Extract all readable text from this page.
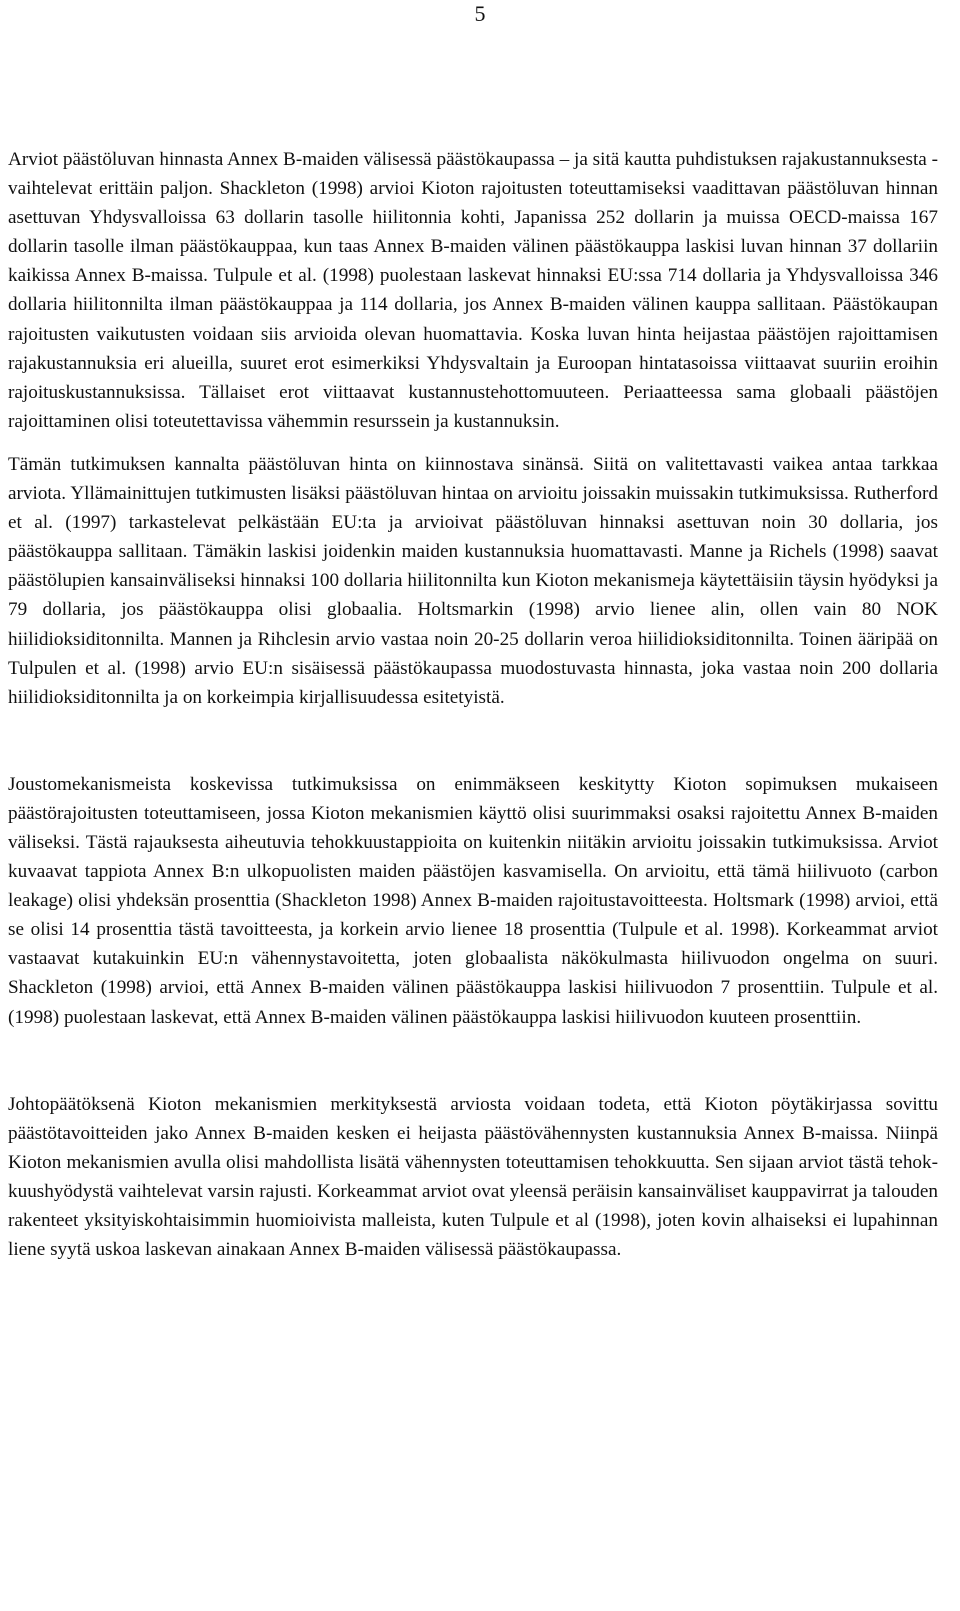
5

Arviot päästöluvan hinnasta Annex B-maiden välisessä päästökaupassa – ja sitä kautta puhdistuksen rajakustannuksesta - vaihtelevat erittäin paljon. Shackleton (1998) arvioi Kioton rajoitusten toteuttamiseksi vaadittavan päästöluvan hinnan asettuvan Yhdysvalloissa 63 dollarin tasolle hiilitonnia kohti, Japanissa 252 dollarin ja muissa OECD-maissa 167 dollarin tasolle ilman päästökauppaa, kun taas Annex B-maiden välinen päästökauppa laskisi luvan hinnan 37 dollariin kaikissa Annex B-maissa. Tulpule et al. (1998) puolestaan laskevat hinnaksi EU:ssa 714 dollaria ja Yhdysvalloissa 346 dollaria hiilitonnilta ilman päästökauppaa ja 114 dollaria, jos Annex B-maiden välinen kauppa sallitaan. Päästökaupan rajoitusten vaikutusten voidaan siis arvioida olevan huomattavia. Koska luvan hinta heijastaa päästöjen rajoittamisen rajakustannuksia eri alueilla, suuret erot esimerkiksi Yhdysvaltain ja Euroopan hintatasoissa viittaavat suuriin eroihin rajoituskustannuksissa. Tällaiset erot viittaavat kustannustehottomuuteen. Periaatteessa sama globaali päästöjen rajoittaminen olisi toteutettavissa vähemmin resurssein ja kustannuksin.

Tämän tutkimuksen kannalta päästöluvan hinta on kiinnostava sinänsä. Siitä on valitettavasti vaikea antaa tarkkaa arviota. Yllämainittujen tutkimusten lisäksi päästöluvan hintaa on arvioitu joissakin muissakin tutkimuksissa. Rutherford et al. (1997) tarkastelevat pelkästään EU:ta ja arvioivat päästöluvan hinnaksi asettuvan noin 30 dollaria, jos päästökauppa sallitaan. Tämäkin laskisi joidenkin maiden kustannuksia huomattavasti. Manne ja Richels (1998) saavat päästölupien kansainväliseksi hinnaksi 100 dollaria hiilitonnilta kun Kioton mekanismeja käytettäisiin täysin hyödyksi ja 79 dollaria, jos päästökauppa olisi globaalia. Holtsmarkin (1998) arvio lienee alin, ollen vain 80 NOK hiilidioksiditonnilta. Mannen ja Rihclesin arvio vastaa noin 20-25 dollarin veroa hiilidioksiditonnilta. Toinen ääripää on Tulpulen et al. (1998) arvio EU:n sisäisessä päästökaupassa muodostuvasta hinnasta, joka vastaa noin 200 dollaria hiilidioksiditonnilta ja on korkeimpia kirjallisuudessa esitetyistä.

Joustomekanismeista koskevissa tutkimuksissa on enimmäkseen keskitytty Kioton sopimuksen mukaiseen päästörajoitusten toteuttamiseen, jossa Kioton mekanismien käyttö olisi suurimmaksi osaksi rajoitettu Annex B-maiden väliseksi. Tästä rajauksesta aiheutuvia tehokkuustappioita on kuitenkin niitäkin arvioitu joissakin tutkimuksissa. Arviot kuvaavat tappiota Annex B:n ulkopuolisten maiden päästöjen kasvamisella. On arvioitu, että tämä hiilivuoto (carbon leakage) olisi yhdeksän prosenttia (Shackleton 1998) Annex B-maiden rajoitustavoitteesta. Holtsmark (1998) arvioi, että se olisi 14 prosenttia tästä tavoitteesta, ja korkein arvio lienee 18 prosenttia (Tulpule et al. 1998). Korkeammat arviot vastaavat kutakuinkin EU:n vähennystavoitetta, joten globaalista näkökulmasta hiilivuodon ongelma on suuri. Shackleton (1998) arvioi, että Annex B-maiden välinen päästökauppa laskisi hiilivuodon 7 prosenttiin. Tulpule et al. (1998) puolestaan laskevat, että Annex B-maiden välinen päästökauppa laskisi hiilivuodon kuuteen prosenttiin.

Johtopäätöksenä Kioton mekanismien merkityksestä arviosta voidaan todeta, että Kioton pöytäkirjassa sovittu päästötavoitteiden jako Annex B-maiden kesken ei heijasta päästövähennysten kustannuksia Annex B-maissa. Niinpä Kioton mekanismien avulla olisi mahdollista lisätä vähennysten toteuttamisen tehokkuutta. Sen sijaan arviot tästä tehokkuushyödystä vaihtelevat varsin rajusti. Korkeammat arviot ovat yleensä peräisin kansainväliset kauppavirrat ja talouden rakenteet yksityiskohtaisimmin huomioivista malleista, kuten Tulpule et al (1998), joten kovin alhaiseksi ei lupahinnan liene syytä uskoa laskevan ainakaan Annex B-maiden välisessä päästökaupassa.
